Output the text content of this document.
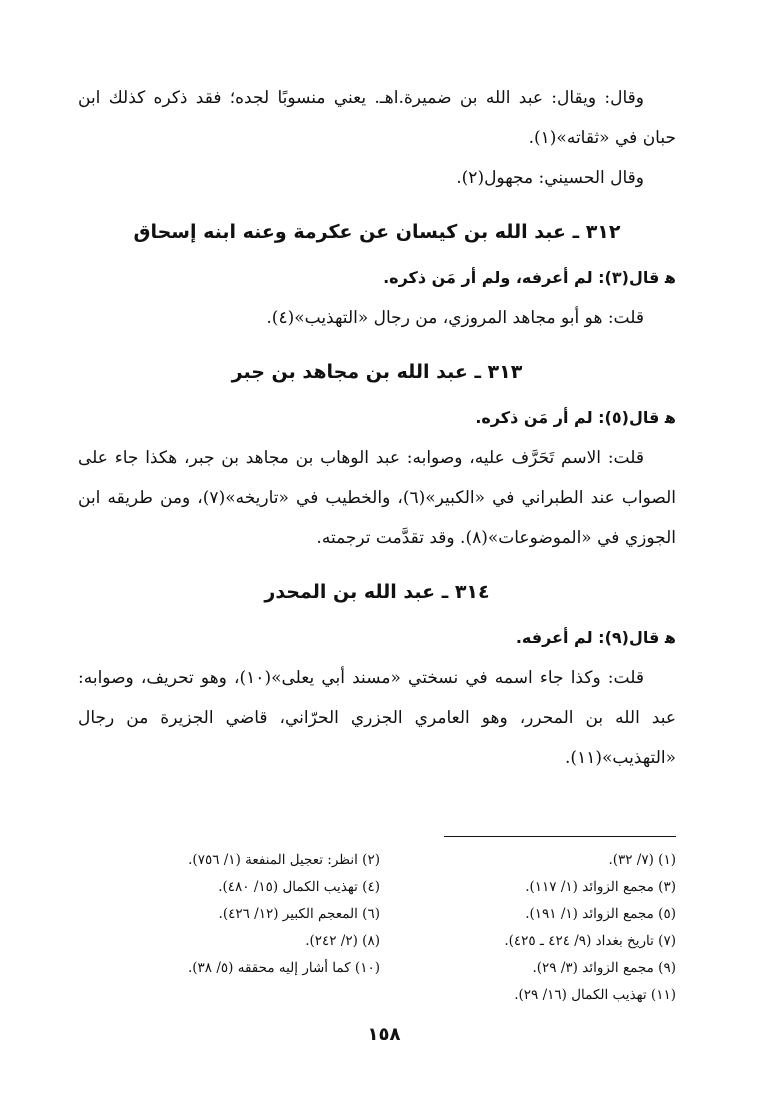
وقال: ويقال: عبد الله بن ضميرة.اهـ. يعني منسوبًا لجده؛ فقد ذكره كذلك ابن حبان في «ثقاته»(١).

وقال الحسيني: مجهول(٢).

٣١٢ ـ عبد الله بن كيسان عن عكرمة وعنه ابنه إسحاق

ﻫ قال(٣): لم أعرفه، ولم أر مَن ذكره.

قلت: هو أبو مجاهد المروزي، من رجال «التهذيب»(٤).

٣١٣ ـ عبد الله بن مجاهد بن جبر

ﻫ قال(٥): لم أر مَن ذكره.

قلت: الاسم تَحَرَّف عليه، وصوابه: عبد الوهاب بن مجاهد بن جبر، هكذا جاء على الصواب عند الطبراني في «الكبير»(٦)، والخطيب في «تاريخه»(٧)، ومن طريقه ابن الجوزي في «الموضوعات»(٨). وقد تقدَّمت ترجمته.

٣١٤ ـ عبد الله بن المحدر

ﻫ قال(٩): لم أعرفه.

قلت: وكذا جاء اسمه في نسختي «مسند أبي يعلى»(١٠)، وهو تحريف، وصوابه: عبد الله بن المحرر، وهو العامري الجزري الحرّاني، قاضي الجزيرة من رجال «التهذيب»(١١).

(١) (٧/ ٣٢).
(٢) انظر: تعجيل المنفعة (١/ ٧٥٦).
(٣) مجمع الزوائد (١/ ١١٧).
(٤) تهذيب الكمال (١٥/ ٤٨٠).
(٥) مجمع الزوائد (١/ ١٩١).
(٦) المعجم الكبير (١٢/ ٤٢٦).
(٧) تاريخ بغداد (٩/ ٤٢٤ ـ ٤٢٥).
(٨) (٢/ ٢٤٢).
(٩) مجمع الزوائد (٣/ ٢٩).
(١٠) كما أشار إليه محققه (٥/ ٣٨).
(١١) تهذيب الكمال (١٦/ ٢٩).
١٥٨
